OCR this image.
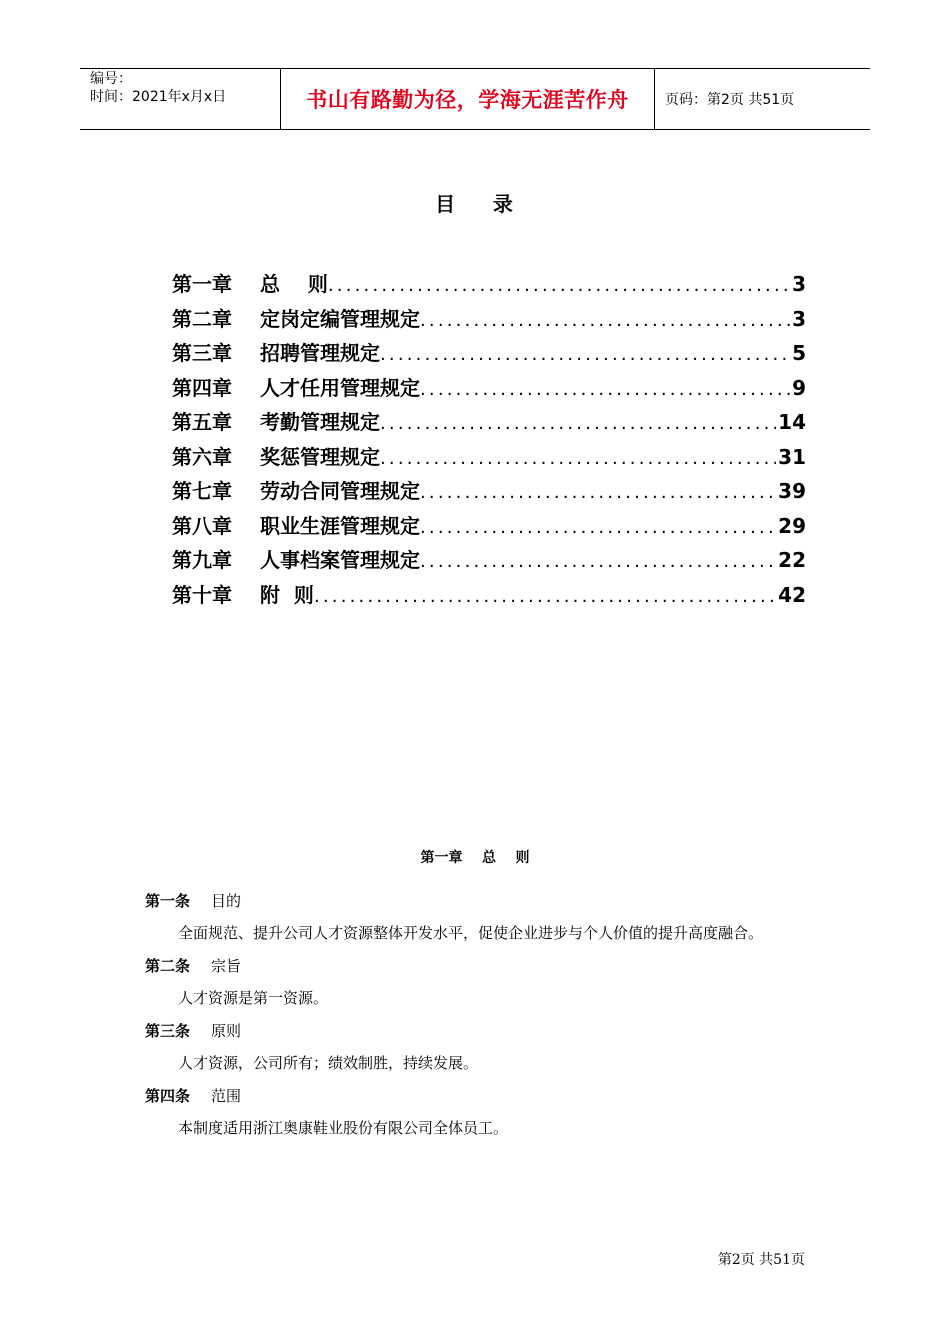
编号：
时间：2021年x月x日	书山有路勤为径，学海无涯苦作舟	页码：第2页 共51页
目    录
第一章	总    则 .....	3
第二章	定岗定编管理规定 .....	3
第三章	招聘管理规定 .....	5
第四章	人才任用管理规定 .....	9
第五章	考勤管理规定 .....	14
第六章	奖惩管理规定 .....	31
第七章	劳动合同管理规定 .....	39
第八章	职业生涯管理规定 .....	29
第九章	人事档案管理规定 .....	22
第十章	附  则 .....	42
第一章    总    则
第一条 目的
全面规范、提升公司人才资源整体开发水平，促使企业进步与个人价值的提升高度融合。
第二条 宗旨
人才资源是第一资源。
第三条 原则
人才资源，公司所有；绩效制胜，持续发展。
第四条 范围
本制度适用浙江奥康鞋业股份有限公司全体员工。
第2页 共51页
